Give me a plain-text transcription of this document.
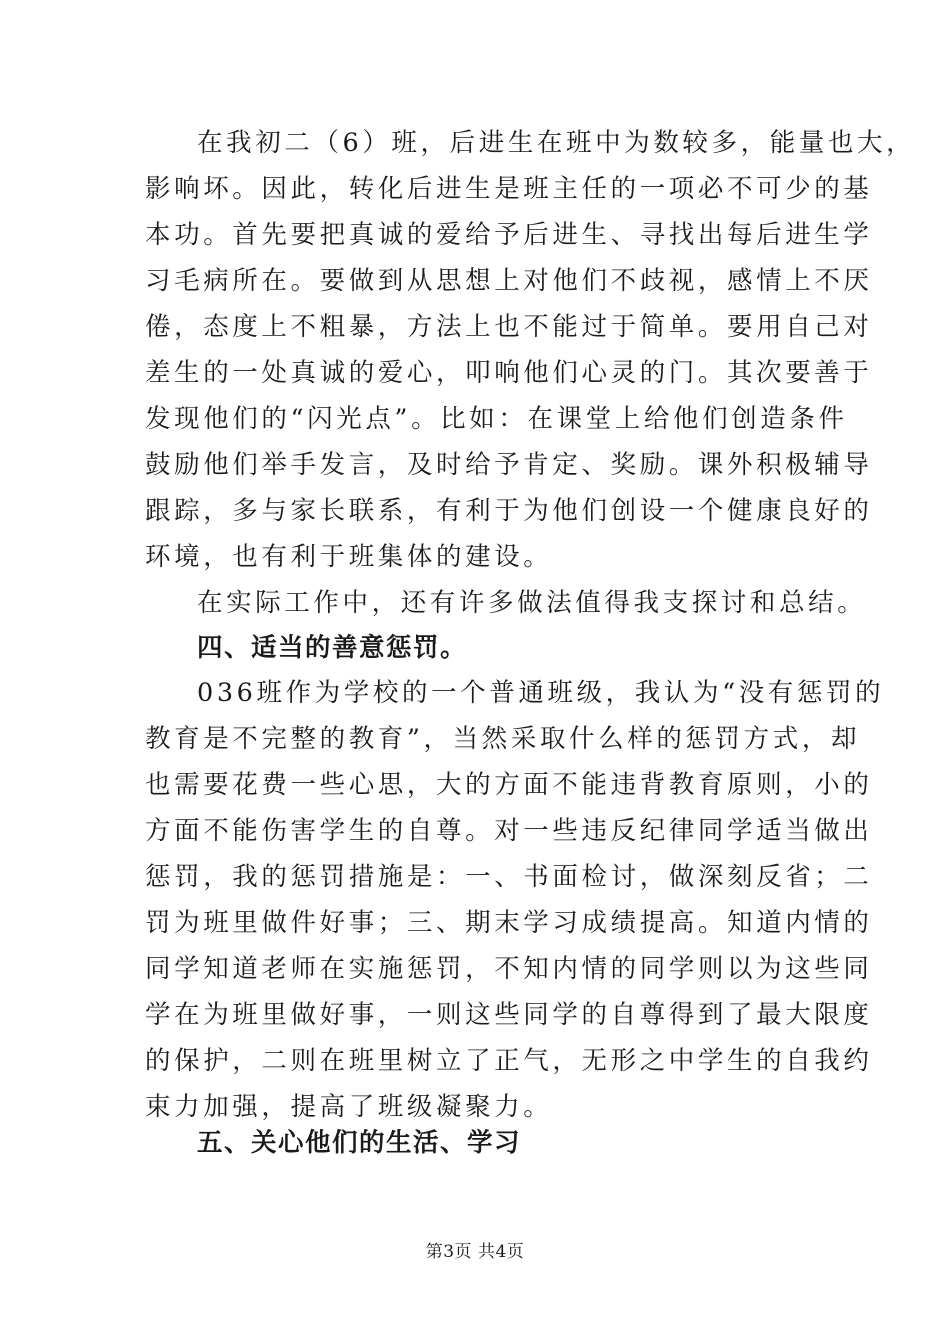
在我初二（6）班，后进生在班中为数较多，能量也大，
影响坏。因此，转化后进生是班主任的一项必不可少的基
本功。首先要把真诚的爱给予后进生、寻找出每后进生学
习毛病所在。要做到从思想上对他们不歧视，感情上不厌
倦，态度上不粗暴，方法上也不能过于简单。要用自己对
差生的一处真诚的爱心，叩响他们心灵的门。其次要善于
发现他们的“闪光点”。比如：在课堂上给他们创造条件
鼓励他们举手发言，及时给予肯定、奖励。课外积极辅导
跟踪，多与家长联系，有利于为他们创设一个健康良好的
环境，也有利于班集体的建设。
在实际工作中，还有许多做法值得我支探讨和总结。
四、适当的善意惩罚。
036班作为学校的一个普通班级，我认为“没有惩罚的
教育是不完整的教育”，当然采取什么样的惩罚方式，却
也需要花费一些心思，大的方面不能违背教育原则，小的
方面不能伤害学生的自尊。对一些违反纪律同学适当做出
惩罚，我的惩罚措施是：一、书面检讨，做深刻反省；二
罚为班里做件好事；三、期末学习成绩提高。知道内情的
同学知道老师在实施惩罚，不知内情的同学则以为这些同
学在为班里做好事，一则这些同学的自尊得到了最大限度
的保护，二则在班里树立了正气，无形之中学生的自我约
束力加强，提高了班级凝聚力。
五、关心他们的生活、学习
第3页 共4页
